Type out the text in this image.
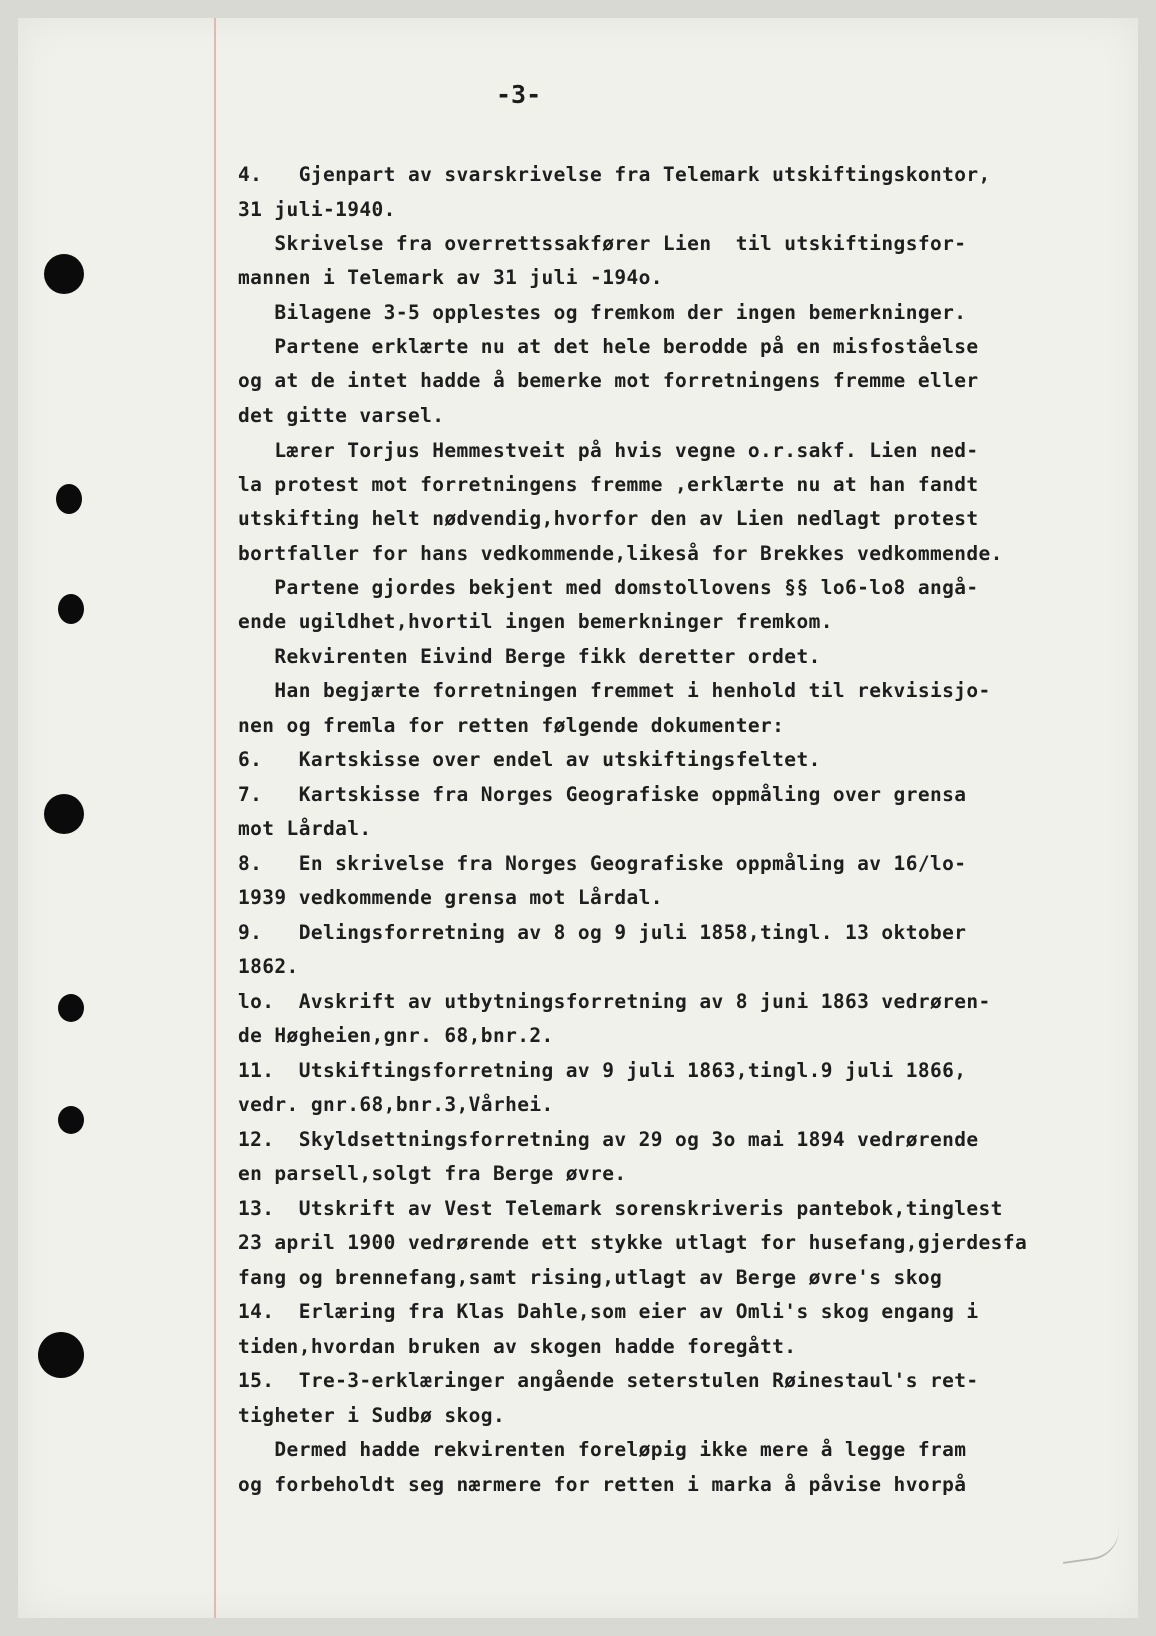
-3-
4.   Gjenpart av svarskrivelse fra Telemark utskiftingskontor,
31 juli-1940.
Skrivelse fra overrettssakfører Lien  til utskiftingsfor-
mannen i Telemark av 31 juli -194o.
Bilagene 3-5 opplestes og fremkom der ingen bemerkninger.
Partene erklærte nu at det hele berodde på en misfoståelse
og at de intet hadde å bemerke mot forretningens fremme eller
det gitte varsel.
Lærer Torjus Hemmestveit på hvis vegne o.r.sakf. Lien ned-
la protest mot forretningens fremme ,erklærte nu at han fandt
utskifting helt nødvendig,hvorfor den av Lien nedlagt protest
bortfaller for hans vedkommende,likeså for Brekkes vedkommende.
Partene gjordes bekjent med domstollovens §§ lo6-lo8 angå-
ende ugildhet,hvortil ingen bemerkninger fremkom.
Rekvirenten Eivind Berge fikk deretter ordet.
Han begjærte forretningen fremmet i henhold til rekvisisjo-
nen og fremla for retten følgende dokumenter:
6.   Kartskisse over endel av utskiftingsfeltet.
7.   Kartskisse fra Norges Geografiske oppmåling over grensa
mot Lårdal.
8.   En skrivelse fra Norges Geografiske oppmåling av 16/lo-
1939 vedkommende grensa mot Lårdal.
9.   Delingsforretning av 8 og 9 juli 1858,tingl. 13 oktober
1862.
lo.  Avskrift av utbytningsforretning av 8 juni 1863 vedrøren-
de Høgheien,gnr. 68,bnr.2.
11.  Utskiftingsforretning av 9 juli 1863,tingl.9 juli 1866,
vedr. gnr.68,bnr.3,Vårhei.
12.  Skyldsettningsforretning av 29 og 3o mai 1894 vedrørende
en parsell,solgt fra Berge øvre.
13.  Utskrift av Vest Telemark sorenskriveris pantebok,tinglest
23 april 1900 vedrørende ett stykke utlagt for husefang,gjerdesfa
fang og brennefang,samt rising,utlagt av Berge øvre's skog
14.  Erlæring fra Klas Dahle,som eier av Omli's skog engang i
tiden,hvordan bruken av skogen hadde foregått.
15.  Tre-3-erklæringer angående seterstulen Røinestaul's ret-
tigheter i Sudbø skog.
Dermed hadde rekvirenten foreløpig ikke mere å legge fram
og forbeholdt seg nærmere for retten i marka å påvise hvorpå
